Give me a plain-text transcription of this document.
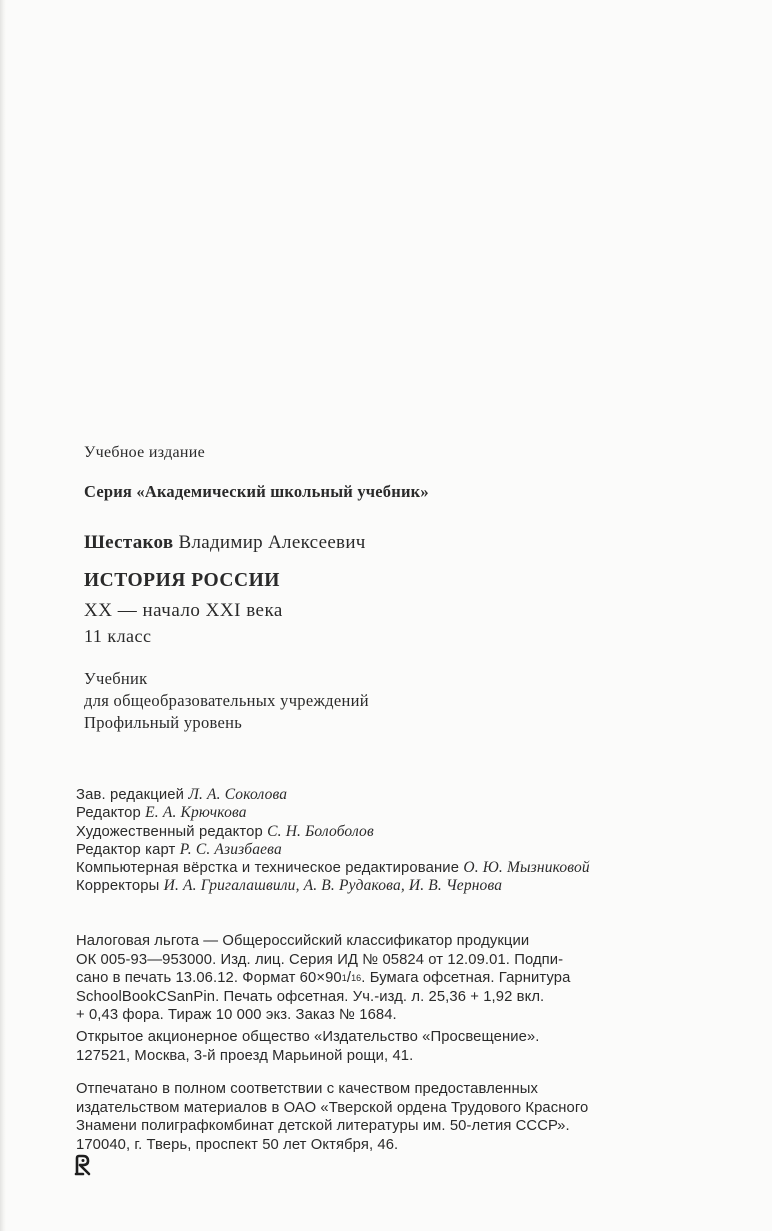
Учебное издание
Серия «Академический школьный учебник»
Шестаков Владимир Алексеевич
ИСТОРИЯ РОССИИ
XX — начало XXI века
11 класс
Учебник
для общеобразовательных учреждений
Профильный уровень
Зав. редакцией Л. А. Соколова
Редактор Е. А. Крючкова
Художественный редактор С. Н. Болоболов
Редактор карт Р. С. Азизбаева
Компьютерная вёрстка и техническое редактирование О. Ю. Мызниковой
Корректоры И. А. Григалашвили, А. В. Рудакова, И. В. Чернова
Налоговая льгота — Общероссийский классификатор продукции
ОК 005-93—953000. Изд. лиц. Серия ИД № 05824 от 12.09.01. Подпи-
сано в печать 13.06.12. Формат 60×90 1 / 16 . Бумага офсетная. Гарнитура
SchoolBookCSanPin. Печать офсетная. Уч.-изд. л. 25,36 + 1,92 вкл.
+ 0,43 фора. Тираж 10 000 экз. Заказ № 1684.
Открытое акционерное общество «Издательство «Просвещение».
127521, Москва, 3-й проезд Марьиной рощи, 41.
Отпечатано в полном соответствии с качеством предоставленных
издательством материалов в ОАО «Тверской ордена Трудового Красного
Знамени полиграфкомбинат детской литературы им. 50-летия СССР».
170040, г. Тверь, проспект 50 лет Октября, 46.
